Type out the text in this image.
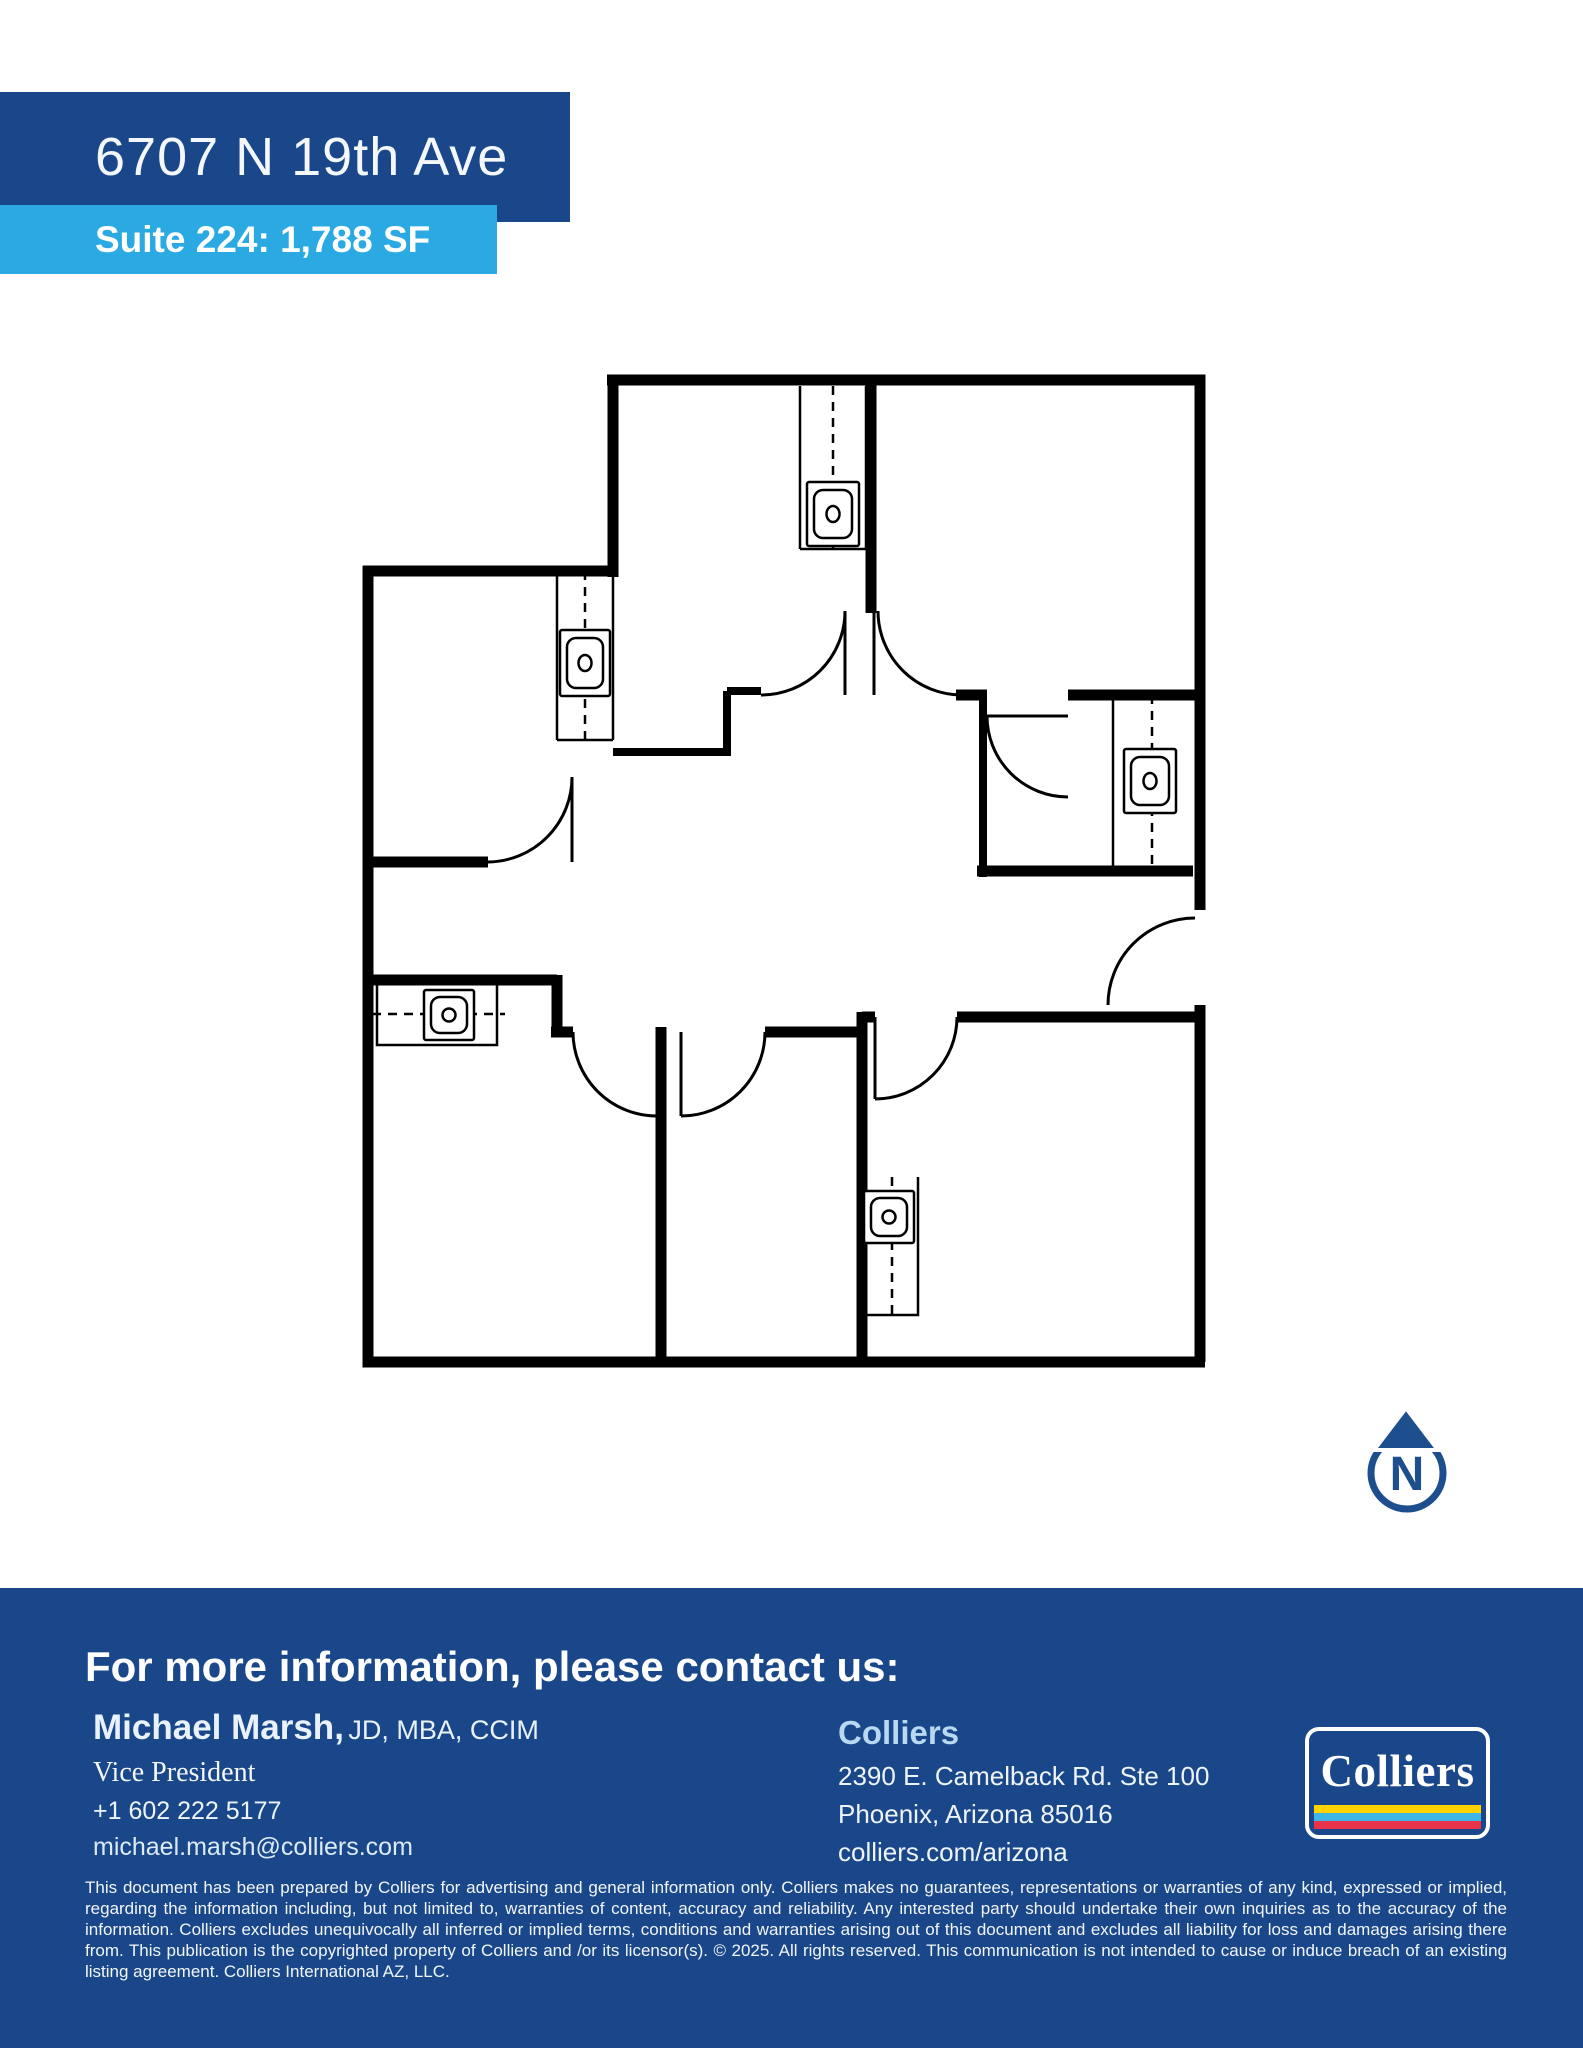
6707 N 19th Ave
Suite 224: 1,788 SF
N
For more information, please contact us:
Michael Marsh, JD, MBA, CCIM
Vice President
+1 602 222 5177
michael.marsh@colliers.com
Colliers
2390 E. Camelback Rd. Ste 100
Phoenix, Arizona 85016
colliers.com/arizona
Colliers
This document has been prepared by Colliers for advertising and general information only. Colliers makes no guarantees, representations or warranties of any kind, expressed or implied, regarding the information including, but not limited to, warranties of content, accuracy and reliability. Any interested party should undertake their own inquiries as to the accuracy of the information. Colliers excludes unequivocally all inferred or implied terms, conditions and warranties arising out of this document and excludes all liability for loss and damages arising there from. This publication is the copyrighted property of Colliers and /or its licensor(s). © 2025. All rights reserved. This communication is not intended to cause or induce breach of an existing listing agreement. Colliers International AZ, LLC.
